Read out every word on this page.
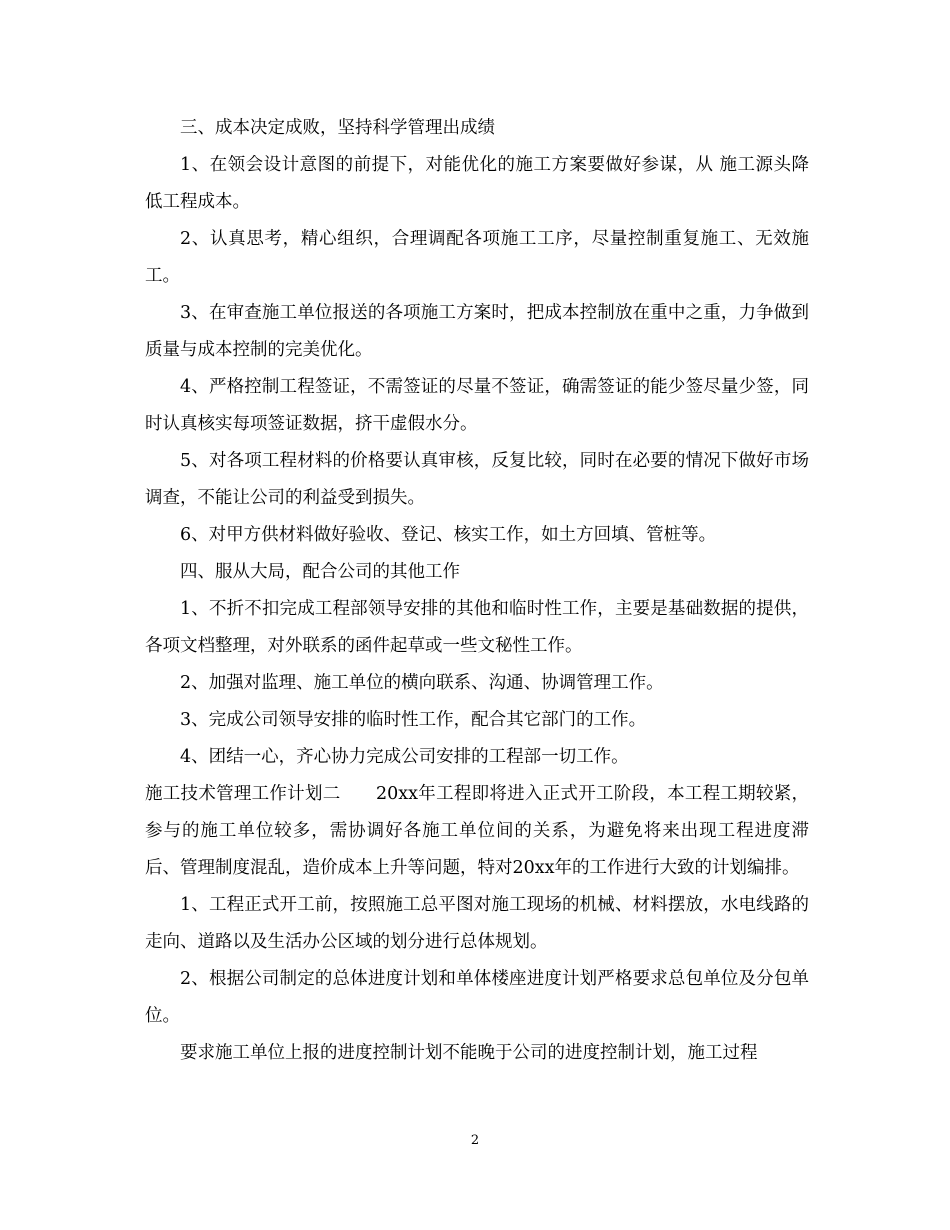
三、成本决定成败，坚持科学管理出成绩

1、在领会设计意图的前提下，对能优化的施工方案要做好参谋，从 施工源头降低工程成本。

2、认真思考，精心组织，合理调配各项施工工序，尽量控制重复施工、无效施工。

3、在审查施工单位报送的各项施工方案时，把成本控制放在重中之重，力争做到质量与成本控制的完美优化。

4、严格控制工程签证，不需签证的尽量不签证，确需签证的能少签尽量少签，同时认真核实每项签证数据，挤干虚假水分。

5、对各项工程材料的价格要认真审核，反复比较，同时在必要的情况下做好市场调查，不能让公司的利益受到损失。

6、对甲方供材料做好验收、登记、核实工作，如土方回填、管桩等。

四、服从大局，配合公司的其他工作

1、不折不扣完成工程部领导安排的其他和临时性工作，主要是基础数据的提供，各项文档整理，对外联系的函件起草或一些文秘性工作。

2、加强对监理、施工单位的横向联系、沟通、协调管理工作。

3、完成公司领导安排的临时性工作，配合其它部门的工作。

4、团结一心，齐心协力完成公司安排的工程部一切工作。

施工技术管理工作计划二　　20xx年工程即将进入正式开工阶段，本工程工期较紧，参与的施工单位较多，需协调好各施工单位间的关系，为避免将来出现工程进度滞后、管理制度混乱，造价成本上升等问题，特对20xx年的工作进行大致的计划编排。

1、工程正式开工前，按照施工总平图对施工现场的机械、材料摆放，水电线路的走向、道路以及生活办公区域的划分进行总体规划。

2、根据公司制定的总体进度计划和单体楼座进度计划严格要求总包单位及分包单位。

要求施工单位上报的进度控制计划不能晚于公司的进度控制计划，施工过程

2
